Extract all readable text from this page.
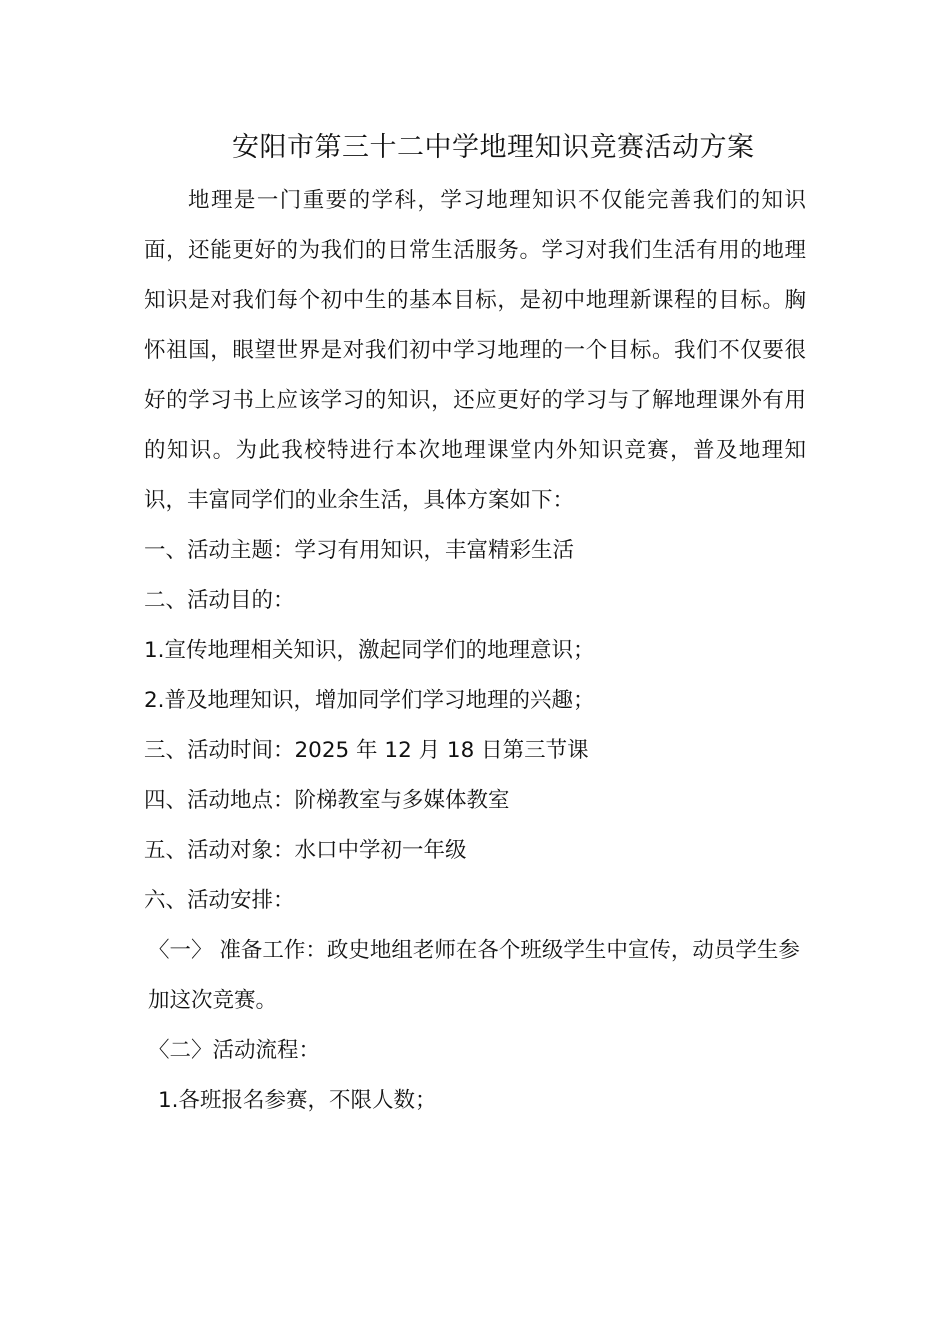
安阳市第三十二中学地理知识竞赛活动方案

地理是一门重要的学科，学习地理知识不仅能完善我们的知识面，还能更好的为我们的日常生活服务。学习对我们生活有用的地理知识是对我们每个初中生的基本目标，是初中地理新课程的目标。胸怀祖国，眼望世界是对我们初中学习地理的一个目标。我们不仅要很好的学习书上应该学习的知识，还应更好的学习与了解地理课外有用的知识。为此我校特进行本次地理课堂内外知识竞赛，普及地理知识，丰富同学们的业余生活，具体方案如下：

一、活动主题：学习有用知识，丰富精彩生活
二、活动目的：
1.宣传地理相关知识，激起同学们的地理意识；
2.普及地理知识，增加同学们学习地理的兴趣；
三、活动时间：2025 年 12 月 18 日第三节课
四、活动地点：阶梯教室与多媒体教室
五、活动对象：水口中学初一年级
六、活动安排：

〈一〉 准备工作：政史地组老师在各个班级学生中宣传，动员学生参加这次竞赛。

〈二〉活动流程：
1.各班报名参赛，不限人数；
